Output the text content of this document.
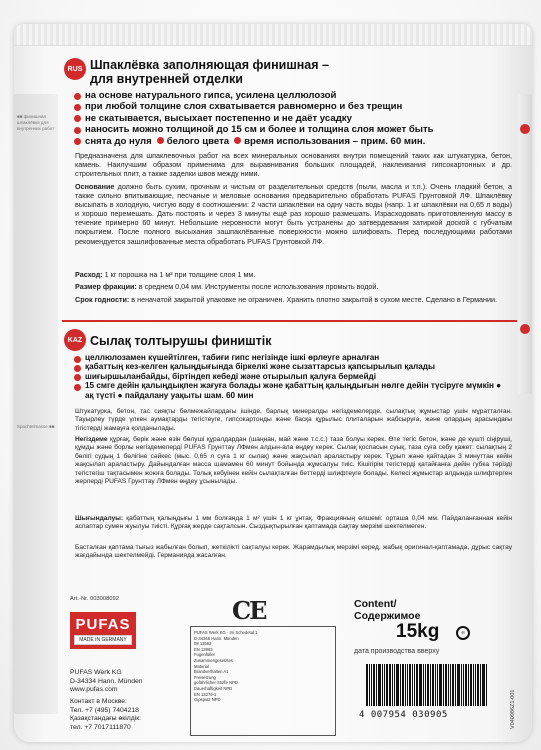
■■ финишная шпаклёвка для внутренних работ
Spachtelmasse ■■
RUS Шпаклёвка заполняющая финишная –
для внутренней отделки
на основе натурального гипса, усилена целлюлозой
при любой толщине слоя схватывается равномерно и без трещин
не скатывается, высыхает постепенно и не даёт усадку
наносить можно толщиной до 15 см и более и толщина слоя может быть
снята до нуля белого цвета время использования – прим. 60 мин.
Предназначена для шпаклевочных работ на всех минеральных основаниях внутри помещений таких как штукатурка, бетон, камень. Наилучшим образом применима для выравнивания больших площадей, наклеивания гипсокартонных и др. строительных плит, а также заделки швов между ними.
Основание должно быть сухим, прочным и чистым от разделительных средств (пыли, масла и т.п.). Очень гладкий бетон, а также сильно впитывающие, песчаные и меловые основания предварительно обработать PUFAS Грунтовкой ЛФ. Шпаклёвку высыпать в холодную, чистую воду в соотношении: 2 части шпаклёвки на одну часть воды (напр. 1 кг шпаклёвки на 0,65 л воды) и хорошо перемешать. Дать постоять и через 3 минуты ещё раз хорошо размешать. Израсходовать приготовленную массу в течение примерно 60 минут. Небольшие неровности могут быть устранены до затвердевания затиркой доской с губчатым покрытием. После полного высыхания зашпаклёванные поверхности можно шлифовать. Перед последующими работами рекомендуется зашлифованные места обработать PUFAS Грунтовкой ЛФ.
Расход: 1 кг порошка на 1 м² при толщине слоя 1 мм.
Размер фракции: в среднем 0,04 мм. Инструменты после использования промыть водой.
Срок годности: в неначатой закрытой упаковке не ограничен. Хранить плотно закрытой в сухом месте. Сделано в Германии.
KAZ Сылақ толтырушы фиништік
целлюлозамен күшейтілген, табиғи гипс негізінде ішкі өрлеуге арналған
қабаттың кез-келген қалыңдығында біркелкі және сызаттарсыз қапсырылып қалады
шиғыршыланбайды, біртіндеп кебеді және отырылып қалуға бермейді
15 смге дейін қалыңдықпен жағуға болады және қабаттың қалыңдығын нөлге дейін түсіруге мүмкін ● ақ түсті ● пайдалану уақыты шам. 60 мин
Штукатурка, бетон, тас сияқты бөлмежайлардағы ішінде, барлық минералды негіздемелерде, сылақтық жұмыстар үшін мұратталған. Тауырлеу түрде үлкен аумақтарды тегістеуге, гипсокартонды және басқа құрылыс плиталарын жабсыруға, және олардың арасындағы тігістерді жамауға қолданылады.
Негіздеме құрғақ, берік және өзін бөлуші құралдардан (шаңнан, май және т.с.с.) таза болуы керек. Өте тегіс бетон, және де күшті сіңіруші, құмды және борлы негіздемелерді PUFAS Грунттау ЛФмен алдын-ала өңдеу керек. Сылақ қоспасын суық, таза суға себу қажет: сылақтың 2 бөлігі судың 1 бөлігіне сәйкес (мыс. 0,65 л суға 1 кг сылақ) және жақсылап араластыру керек. Тұрып және қайтадан 3 минуттан кейін жақсылап араластыру. Дайындалған масса шамамен 60 минут бойында жұмсалуы тиіс. Кішігірім тегістерді қатайғанға дейін губка тәрізді тегістегіш тақтасымен жоюға болады. Толық кебуінен кейін сылақталған беттерді шлифтеуге болады. Келесі жұмыстар алдында шлифтерген жерлерді PUFAS Грунттау ЛФмен өңдеу ұсынылады.
Шығындалуы: қабаттың қалыңдығы 1 мм болғанда 1 м² үшін 1 кг ұнтақ. Фракцияның өлшемі: орташа 0,04 мм. Пайдаланғаннан кейін аспаптар сумен жуылуы тиісті. Құрғақ жерде сақталсын. Сыздықтырылған қаптамада сақтау мерзімі шектелмеген.
Басталған қаптама тығыз жабылған болып, жеткілікті сақталуы керек. Жарамдылық мерзімі керед, жабық оригинал-қаптамада, дұрыс сақтау жағдайында шектелмейді. Германияда жасалған.
Art.-Nr. 003008092
PUFAS
MADE IN GERMANY
PUFAS Werk KG
D-34334 Hann. Münden
www.pufas.com
Контакт в Москве:
Тел. +7 (495) 7404218
Қазақстандағы өкілдік:
тел. +7 7017111870
CE
PUFAS Werk KG · Im Schedetal 1
D-34346 Hann. Münden
08 13563
EN 13963
Fugenfüller
Zusammengesetztes
Material
Brandverhalten A1
Freisetzung
gefährlicher Stoffe NPD
Dauerhaftigkeit NPD
EN 13279-1
Gipsputz NPD
Content/
Содержимое
15kg	℮
дата производства вверху
4 007954 030905	V040986Z1-001
